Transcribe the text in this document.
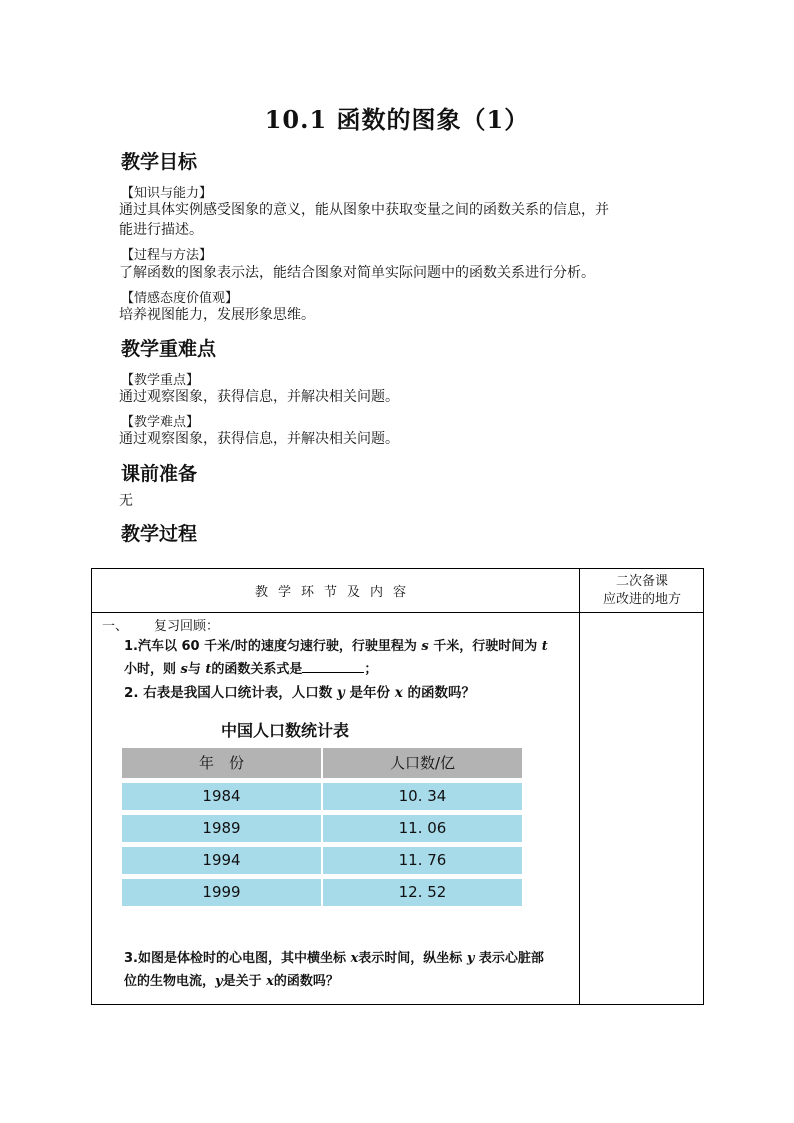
10.1 函数的图象（1）
教学目标
【知识与能力】
通过具体实例感受图象的意义，能从图象中获取变量之间的函数关系的信息，并
能进行描述。
【过程与方法】
了解函数的图象表示法，能结合图象对简单实际问题中的函数关系进行分析。
【情感态度价值观】
培养视图能力，发展形象思维。
教学重难点
【教学重点】
通过观察图象，获得信息，并解决相关问题。
【教学难点】
通过观察图象，获得信息，并解决相关问题。
课前准备
无
教学过程
教学环节及内容
二次备课
应改进的地方
一、 复习回顾：
1.汽车以 60 千米/时的速度匀速行驶，行驶里程为 s 千米，行驶时间为 t
小时，则 s与 t的函数关系式是	；
2. 右表是我国人口统计表，人口数 y 是年份 x 的函数吗？
3.如图是体检时的心电图，其中横坐标 x表示时间，纵坐标 y 表示心脏部
位的生物电流，y是关于 x的函数吗？
中国人口数统计表
年　份	人口数/亿
1984	10. 34
1989	11. 06
1994	11. 76
1999	12. 52
